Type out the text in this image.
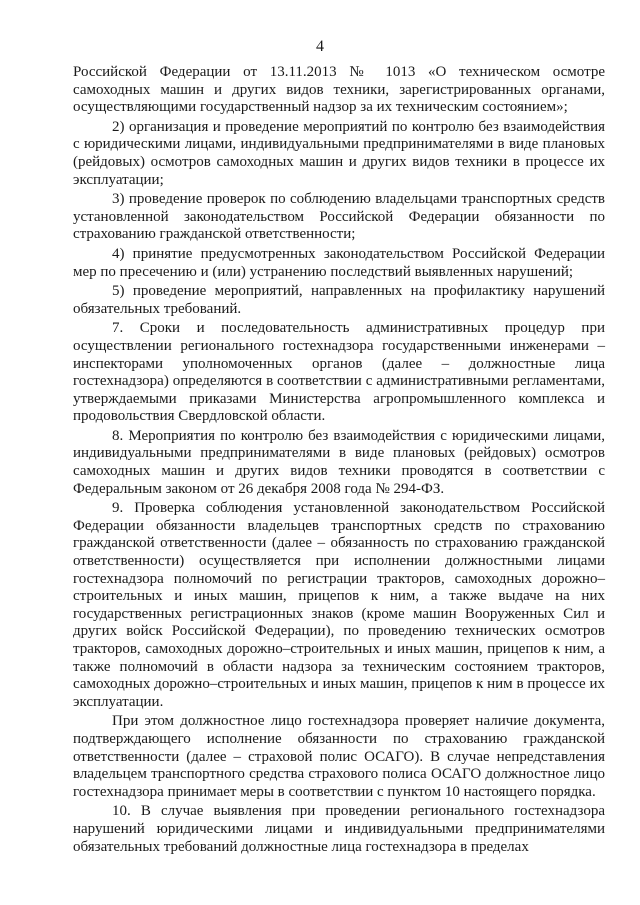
4

Российской Федерации от 13.11.2013 № 1013 «О техническом осмотре самоходных машин и других видов техники, зарегистрированных органами, осуществляющими государственный надзор за их техническим состоянием»;

2) организация и проведение мероприятий по контролю без взаимодействия с юридическими лицами, индивидуальными предпринимателями в виде плановых (рейдовых) осмотров самоходных машин и других видов техники в процессе их эксплуатации;

3) проведение проверок по соблюдению владельцами транспортных средств установленной законодательством Российской Федерации обязанности по страхованию гражданской ответственности;

4) принятие предусмотренных законодательством Российской Федерации мер по пресечению и (или) устранению последствий выявленных нарушений;

5) проведение мероприятий, направленных на профилактику нарушений обязательных требований.

7. Сроки и последовательность административных процедур при осуществлении регионального гостехнадзора государственными инженерами – инспекторами уполномоченных органов (далее – должностные лица гостехнадзора) определяются в соответствии с административными регламентами, утверждаемыми приказами Министерства агропромышленного комплекса и продовольствия Свердловской области.

8. Мероприятия по контролю без взаимодействия с юридическими лицами, индивидуальными предпринимателями в виде плановых (рейдовых) осмотров самоходных машин и других видов техники проводятся в соответствии с Федеральным законом от 26 декабря 2008 года № 294-ФЗ.

9. Проверка соблюдения установленной законодательством Российской Федерации обязанности владельцев транспортных средств по страхованию гражданской ответственности (далее – обязанность по страхованию гражданской ответственности) осуществляется при исполнении должностными лицами гостехнадзора полномочий по регистрации тракторов, самоходных дорожно–строительных и иных машин, прицепов к ним, а также выдаче на них государственных регистрационных знаков (кроме машин Вооруженных Сил и других войск Российской Федерации), по проведению технических осмотров тракторов, самоходных дорожно–строительных и иных машин, прицепов к ним, а также полномочий в области надзора за техническим состоянием тракторов, самоходных дорожно–строительных и иных машин, прицепов к ним в процессе их эксплуатации.

При этом должностное лицо гостехнадзора проверяет наличие документа, подтверждающего исполнение обязанности по страхованию гражданской ответственности (далее – страховой полис ОСАГО). В случае непредставления владельцем транспортного средства страхового полиса ОСАГО должностное лицо гостехнадзора принимает меры в соответствии с пунктом 10 настоящего порядка.

10. В случае выявления при проведении регионального гостехнадзора нарушений юридическими лицами и индивидуальными предпринимателями обязательных требований должностные лица гостехнадзора в пределах
